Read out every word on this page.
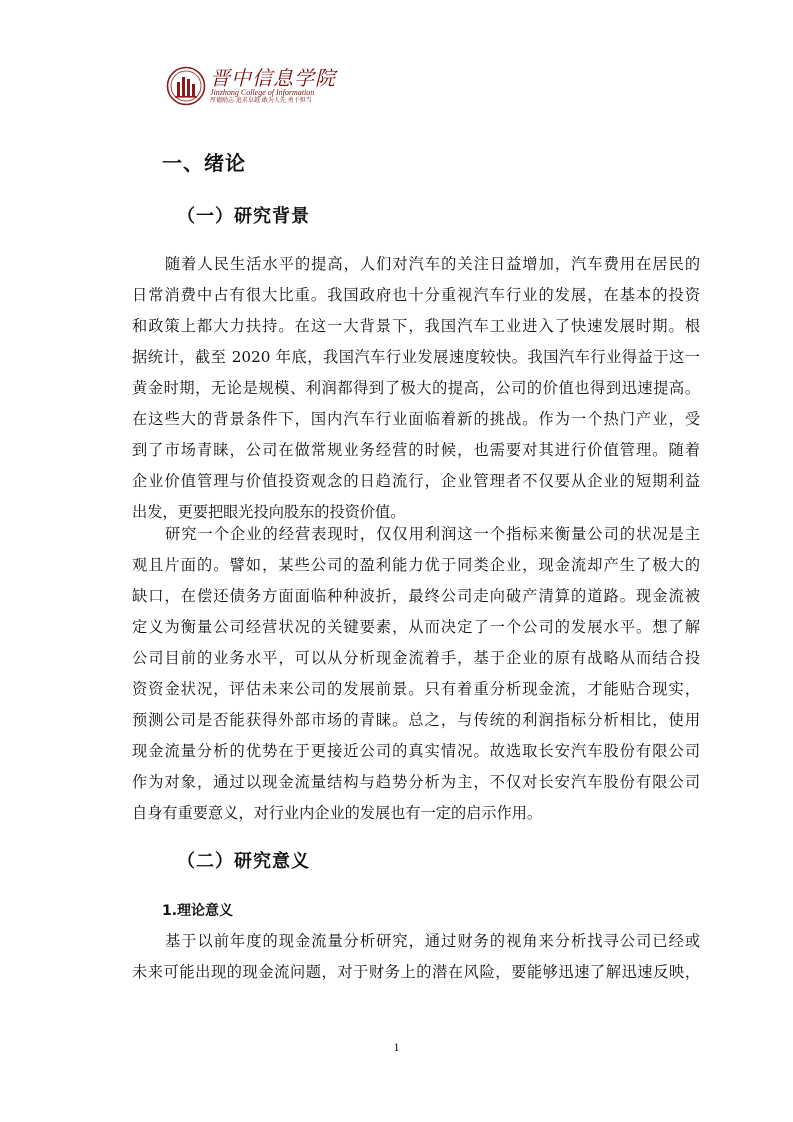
晋中信息学院
Jinzhong College of Information
厚德励志 追求卓越 敢为人先 勇于担当
一、绪论
（一）研究背景
随着人民生活水平的提高，人们对汽车的关注日益增加，汽车费用在居民的
日常消费中占有很大比重。我国政府也十分重视汽车行业的发展，在基本的投资
和政策上都大力扶持。在这一大背景下，我国汽车工业进入了快速发展时期。根
据统计，截至 2020 年底，我国汽车行业发展速度较快。我国汽车行业得益于这一
黄金时期，无论是规模、利润都得到了极大的提高，公司的价值也得到迅速提高。
在这些大的背景条件下，国内汽车行业面临着新的挑战。作为一个热门产业，受
到了市场青睐，公司在做常规业务经营的时候，也需要对其进行价值管理。随着
企业价值管理与价值投资观念的日趋流行，企业管理者不仅要从企业的短期利益
出发，更要把眼光投向股东的投资价值。
研究一个企业的经营表现时，仅仅用利润这一个指标来衡量公司的状况是主
观且片面的。譬如，某些公司的盈利能力优于同类企业，现金流却产生了极大的
缺口，在偿还债务方面面临种种波折，最终公司走向破产清算的道路。现金流被
定义为衡量公司经营状况的关键要素，从而决定了一个公司的发展水平。想了解
公司目前的业务水平，可以从分析现金流着手，基于企业的原有战略从而结合投
资资金状况，评估未来公司的发展前景。只有着重分析现金流，才能贴合现实，
预测公司是否能获得外部市场的青睐。总之，与传统的利润指标分析相比，使用
现金流量分析的优势在于更接近公司的真实情况。故选取长安汽车股份有限公司
作为对象，通过以现金流量结构与趋势分析为主，不仅对长安汽车股份有限公司
自身有重要意义，对行业内企业的发展也有一定的启示作用。
（二）研究意义
1.理论意义
基于以前年度的现金流量分析研究，通过财务的视角来分析找寻公司已经或
未来可能出现的现金流问题，对于财务上的潜在风险，要能够迅速了解迅速反映，
1
